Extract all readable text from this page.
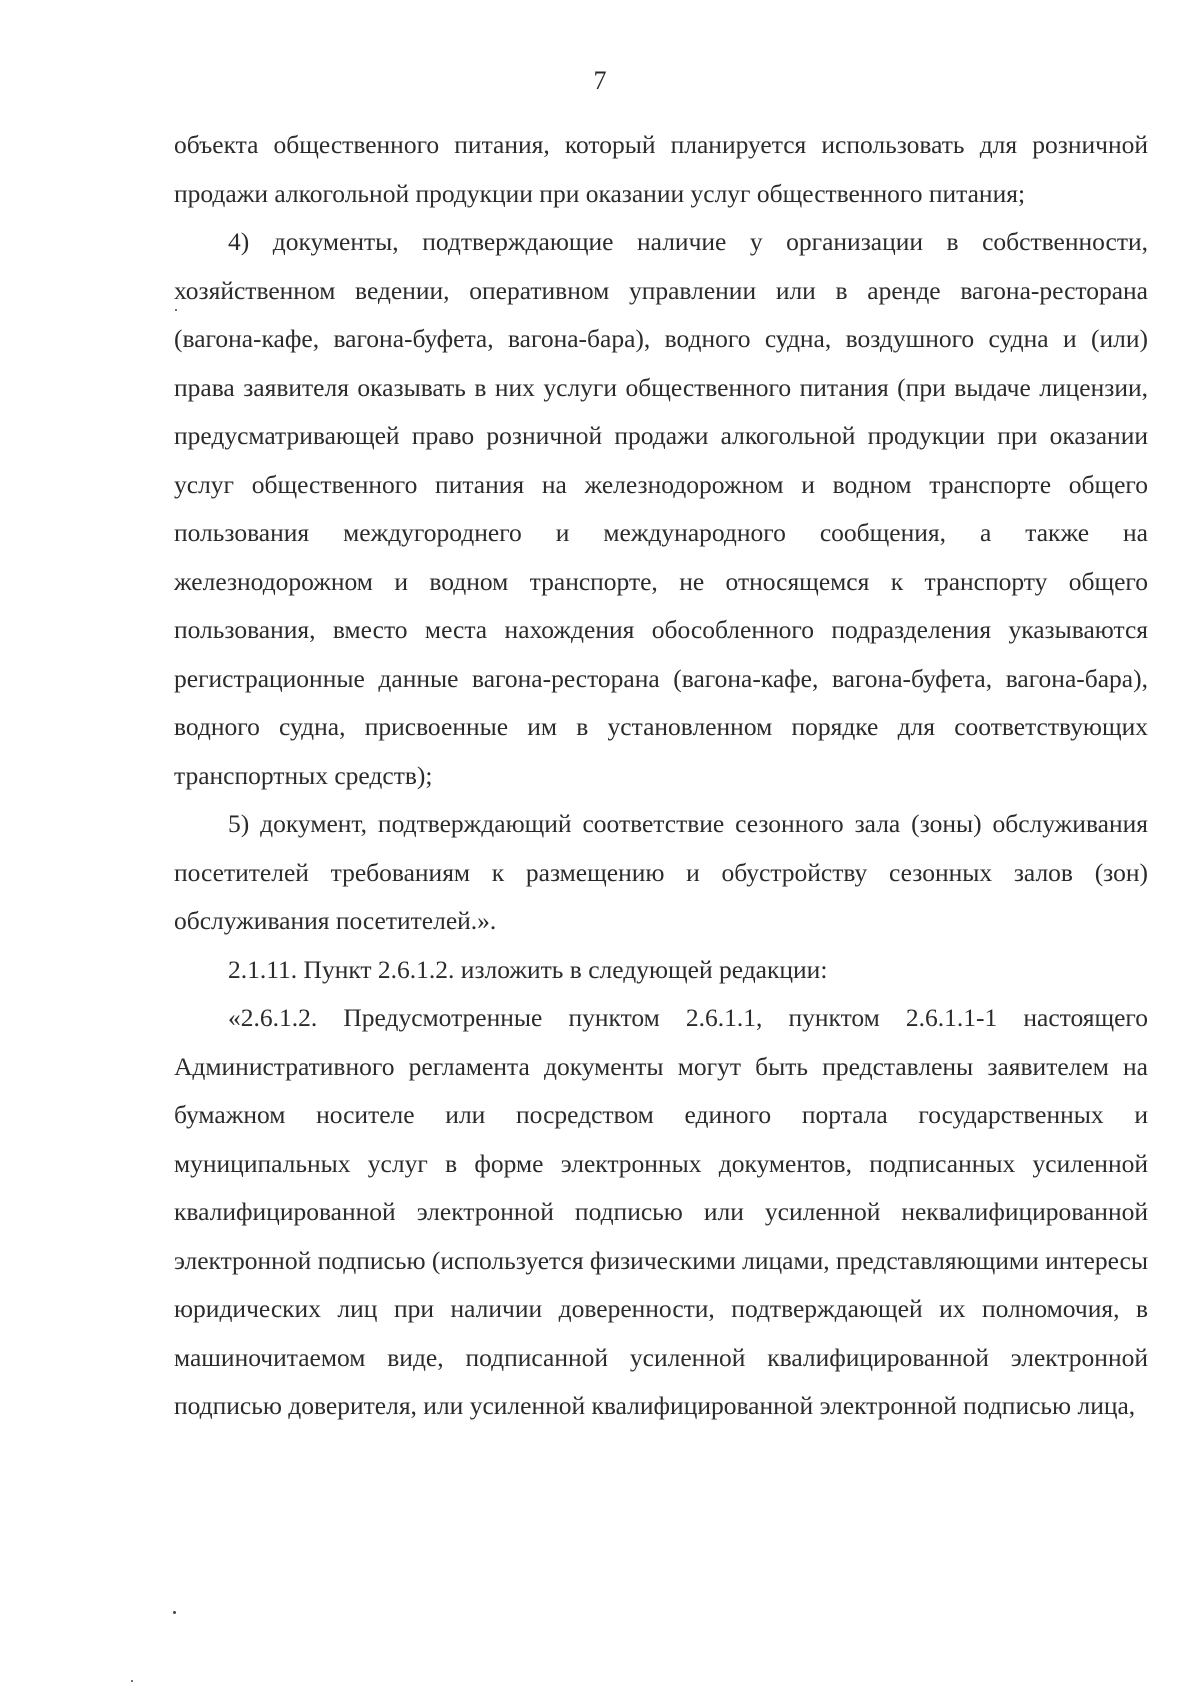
7

объекта общественного питания, который планируется использовать для розничной продажи алкогольной продукции при оказании услуг общественного питания;

4) документы, подтверждающие наличие у организации в собственности, хозяйственном ведении, оперативном управлении или в аренде вагона-ресторана (вагона-кафе, вагона-буфета, вагона-бара), водного судна, воздушного судна и (или) права заявителя оказывать в них услуги общественного питания (при выдаче лицензии, предусматривающей право розничной продажи алкогольной продукции при оказании услуг общественного питания на железнодорожном и водном транспорте общего пользования междугороднего и международного сообщения, а также на железнодорожном и водном транспорте, не относящемся к транспорту общего пользования, вместо места нахождения обособленного подразделения указываются регистрационные данные вагона-ресторана (вагона-кафе, вагона-буфета, вагона-бара), водного судна, присвоенные им в установленном порядке для соответствующих транспортных средств);

5) документ, подтверждающий соответствие сезонного зала (зоны) обслуживания посетителей требованиям к размещению и обустройству сезонных залов (зон) обслуживания посетителей.».

2.1.11. Пункт 2.6.1.2. изложить в следующей редакции:

«2.6.1.2. Предусмотренные пунктом 2.6.1.1, пунктом 2.6.1.1-1 настоящего Административного регламента документы могут быть представлены заявителем на бумажном носителе или посредством единого портала государственных и муниципальных услуг в форме электронных документов, подписанных усиленной квалифицированной электронной подписью или усиленной неквалифицированной электронной подписью (используется физическими лицами, представляющими интересы юридических лиц при наличии доверенности, подтверждающей их полномочия, в машиночитаемом виде, подписанной усиленной квалифицированной электронной подписью доверителя, или усиленной квалифицированной электронной подписью лица,
